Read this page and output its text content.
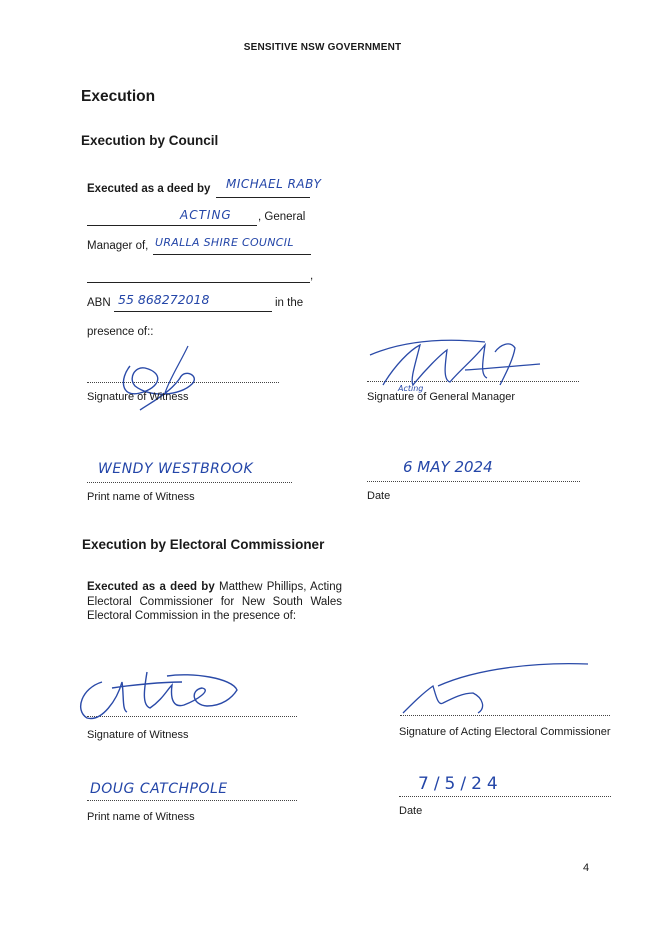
SENSITIVE NSW GOVERNMENT
Execution
Execution by Council
Executed as a deed by MICHAEL RABY
ACTING , General
Manager of, URALLA SHIRE COUNCIL
,
ABN 55 868272018	in the
presence of::
Signature of Witness
Acting
Signature of General Manager
WENDY WESTBROOK
Print name of Witness
6 MAY 2024
Date
Execution by Electoral Commissioner
Executed as a deed by Matthew Phillips, Acting Electoral Commissioner for New South Wales Electoral Commission in the presence of:
Signature of Witness	Signature of Acting Electoral Commissioner
DOUG CATCHPOLE
Print name of Witness
7/5/24
Date
4
